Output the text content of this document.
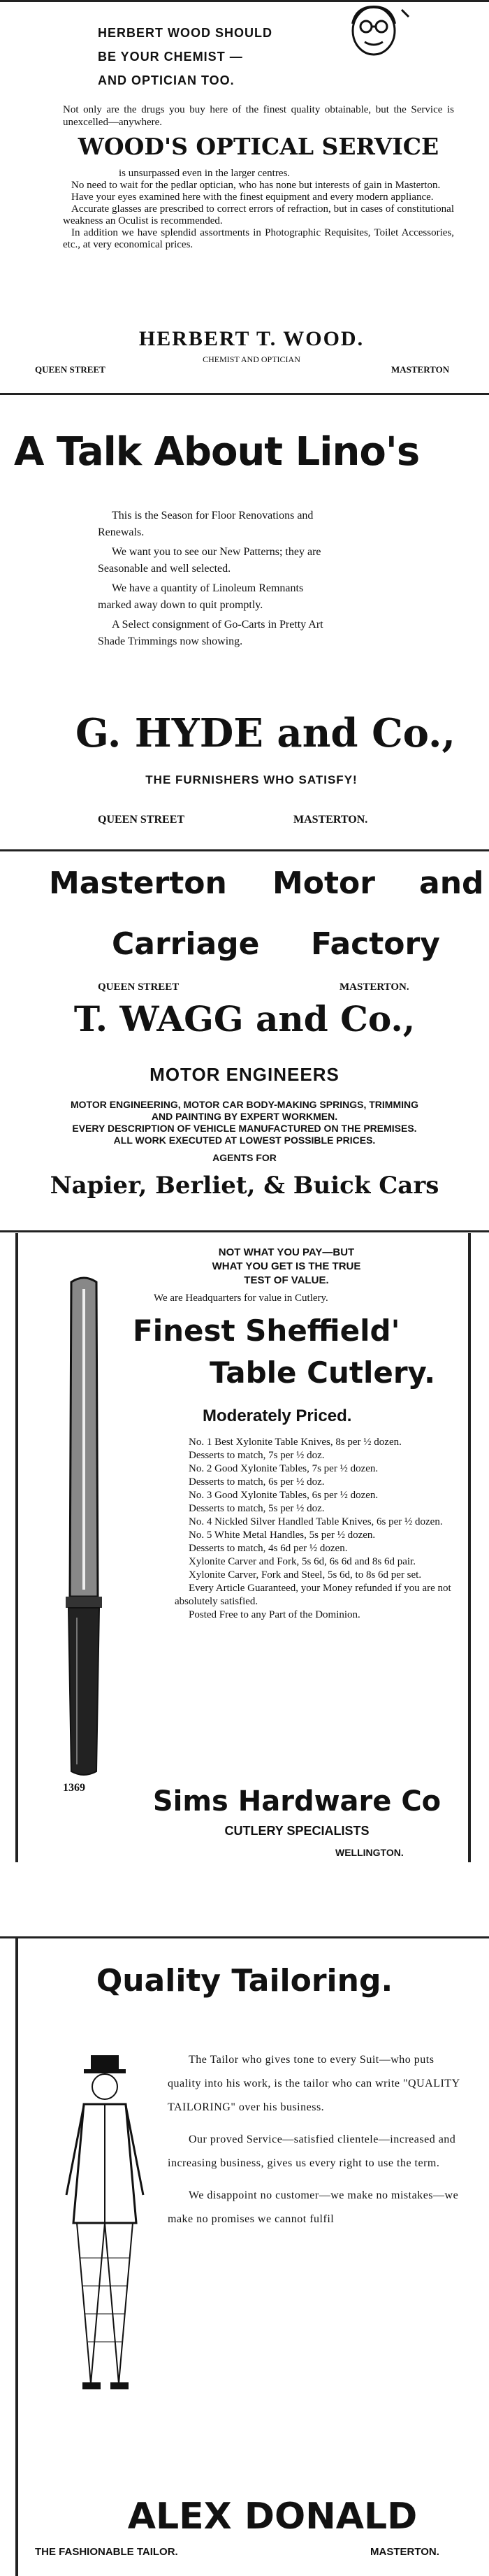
HERBERT WOOD SHOULD
BE YOUR CHEMIST —
AND OPTICIAN TOO.
Not only are the drugs you buy here of the finest quality obtainable, but the Service is unexcelled—anywhere.
WOOD'S OPTICAL SERVICE
is unsurpassed even in the larger centres.
No need to wait for the pedlar optician, who has none but interests of gain in Masterton.
Have your eyes examined here with the finest equipment and every modern appliance.
Accurate glasses are prescribed to correct errors of refraction, but in cases of constitutional weakness an Oculist is recommended.
In addition we have splendid assortments in Photographic Requisites, Toilet Accessories, etc., at very economical prices.
HERBERT T. WOOD.
CHEMIST AND OPTICIAN
QUEEN STREET	MASTERTON
A Talk About Lino's
This is the Season for Floor Renovations and Renewals.
We want you to see our New Patterns; they are Seasonable and well selected.
We have a quantity of Linoleum Remnants marked away down to quit promptly.
A Select consignment of Go-Carts in Pretty Art Shade Trimmings now showing.
G. HYDE and Co.,
THE FURNISHERS WHO SATISFY!
QUEEN STREET	MASTERTON.
Masterton Motor and
Carriage Factory
QUEEN STREET	MASTERTON.
T. WAGG and Co.,
MOTOR ENGINEERS
MOTOR ENGINEERING, MOTOR CAR BODY-MAKING SPRINGS, TRIMMING AND PAINTING BY EXPERT WORKMEN.
EVERY DESCRIPTION OF VEHICLE MANUFACTURED ON THE PREMISES.
ALL WORK EXECUTED AT LOWEST POSSIBLE PRICES.
AGENTS FOR
Napier, Berliet, & Buick Cars
1369
NOT WHAT YOU PAY—BUT
WHAT YOU GET IS THE TRUE
TEST OF VALUE.
We are Headquarters for value in Cutlery.
Finest Sheffield'
Table Cutlery.
Moderately Priced.
No. 1 Best Xylonite Table Knives, 8s per ½ dozen.
Desserts to match, 7s per ½ doz.
No. 2 Good Xylonite Tables, 7s per ½ dozen.
Desserts to match, 6s per ½ doz.
No. 3 Good Xylonite Tables, 6s per ½ dozen.
Desserts to match, 5s per ½ doz.
No. 4 Nickled Silver Handled Table Knives, 6s per ½ dozen.
No. 5 White Metal Handles, 5s per ½ dozen.
Desserts to match, 4s 6d per ½ dozen.
Xylonite Carver and Fork, 5s 6d, 6s 6d and 8s 6d pair.
Xylonite Carver, Fork and Steel, 5s 6d, to 8s 6d per set.
Every Article Guaranteed, your Money refunded if you are not absolutely satisfied.
Posted Free to any Part of the Dominion.
Sims Hardware Co
CUTLERY SPECIALISTS
WELLINGTON.
Quality Tailoring.
The Tailor who gives tone to every Suit—who puts quality into his work, is the tailor who can write "QUALITY TAILORING" over his business.
Our proved Service—satisfied clientele—increased and increasing business, gives us every right to use the term.
We disappoint no customer—we make no mistakes—we make no promises we cannot fulfil
ALEX DONALD
THE FASHIONABLE TAILOR.	MASTERTON.
